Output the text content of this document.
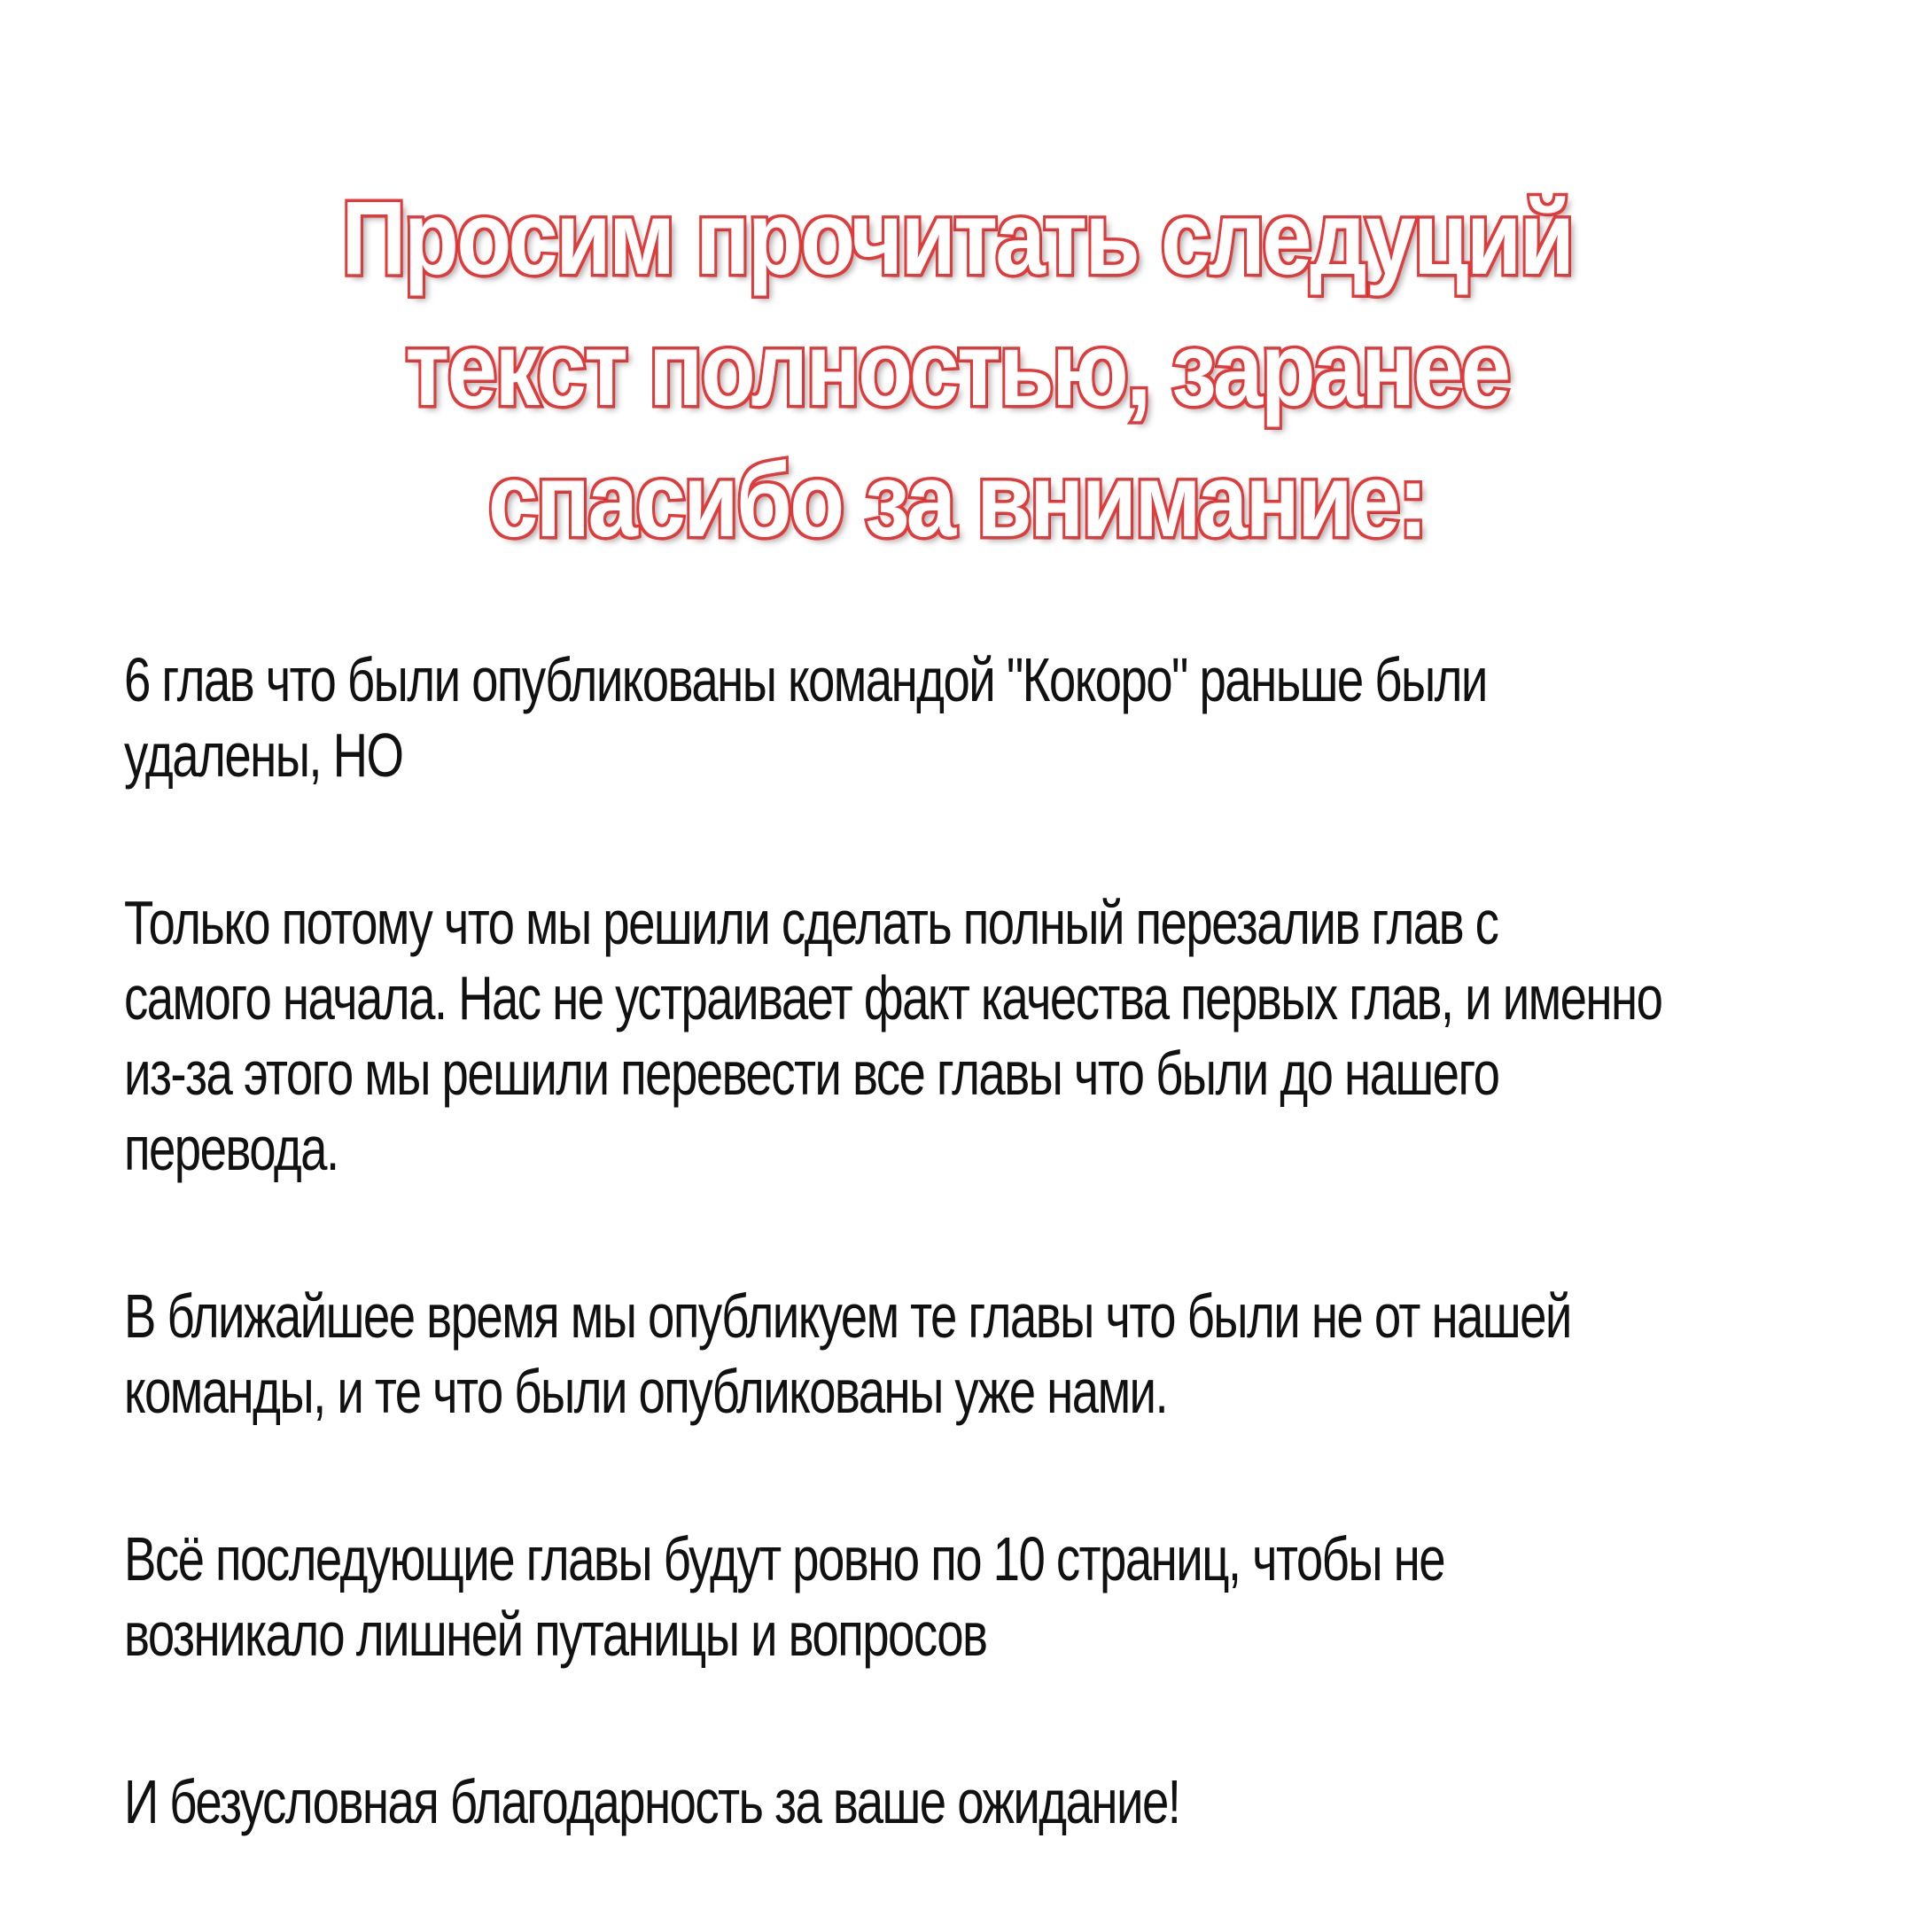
Просим прочитать следуций
текст полностью, заранее
спасибо за внимание:

6 глав что были опубликованы командой "Кокоро" раньше были
удалены, НО

Только потому что мы решили сделать полный перезалив глав с
самого начала. Нас не устраивает факт качества первых глав, и именно
из-за этого мы решили перевести все главы что были до нашего
перевода.

В ближайшее время мы опубликуем те главы что были не от нашей
команды, и те что были опубликованы уже нами.

Всё последующие главы будут ровно по 10 страниц, чтобы не
возникало лишней путаницы и вопросов

И безусловная благодарность за ваше ожидание!
